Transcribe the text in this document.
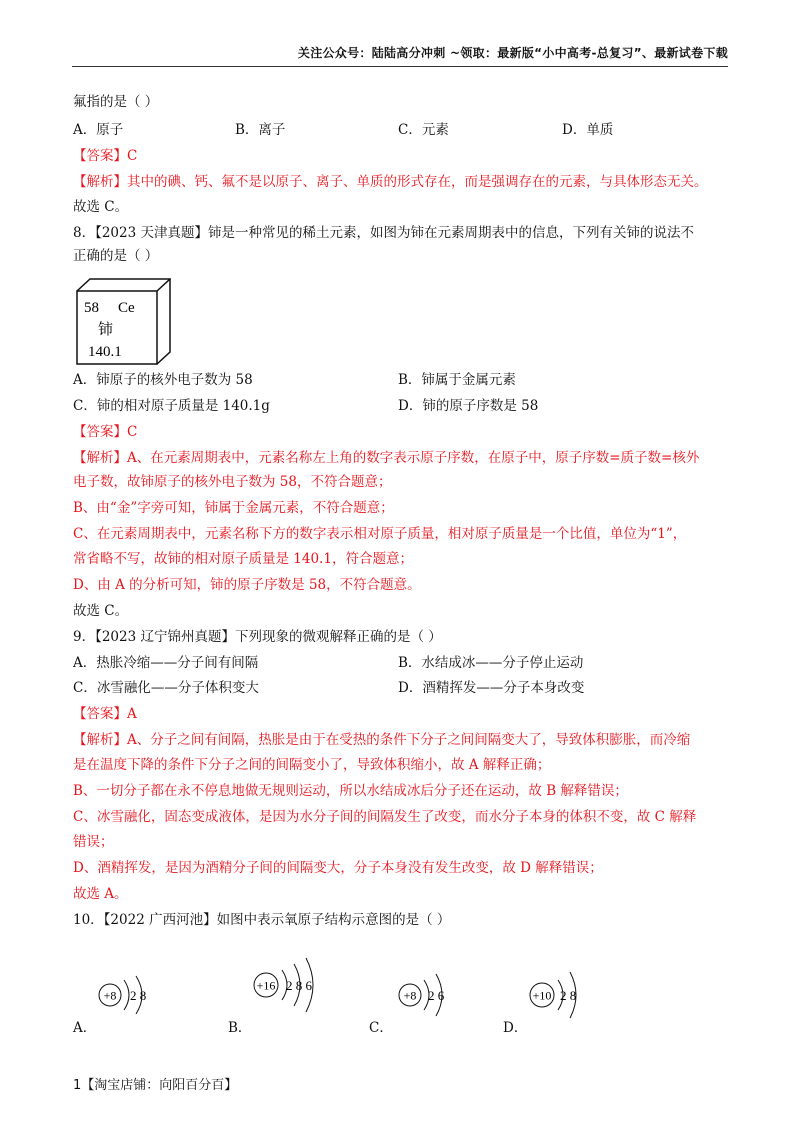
关注公众号：陆陆高分冲刺 ~领取：最新版“小中高考-总复习”、最新试卷下载
氟指的是（ ）
A．原子	B．离子	C．元素	D．单质
【答案】C
【解析】其中的碘、钙、氟不是以原子、离子、单质的形式存在，而是强调存在的元素，与具体形态无关。
故选 C。
8．【2023 天津真题】铈是一种常见的稀土元素，如图为铈在元素周期表中的信息，下列有关铈的说法不
正确的是（ ）
58 Ce
铈
140.1
A．铈原子的核外电子数为 58	B．铈属于金属元素
C．铈的相对原子质量是 140.1g	D．铈的原子序数是 58
【答案】C
【解析】A、在元素周期表中，元素名称左上角的数字表示原子序数，在原子中，原子序数=质子数=核外
电子数，故铈原子的核外电子数为 58，不符合题意；
B、由“金”字旁可知，铈属于金属元素，不符合题意；
C、在元素周期表中，元素名称下方的数字表示相对原子质量，相对原子质量是一个比值，单位为“1”，
常省略不写，故铈的相对原子质量是 140.1，符合题意；
D、由 A 的分析可知，铈的原子序数是 58，不符合题意。
故选 C。
9．【2023 辽宁锦州真题】下列现象的微观解释正确的是（ ）
A．热胀冷缩——分子间有间隔	B．水结成冰——分子停止运动
C．冰雪融化——分子体积变大	D．酒精挥发——分子本身改变
【答案】A
【解析】A、分子之间有间隔，热胀是由于在受热的条件下分子之间间隔变大了，导致体积膨胀，而冷缩
是在温度下降的条件下分子之间的间隔变小了，导致体积缩小，故 A 解释正确；
B、一切分子都在永不停息地做无规则运动，所以水结成冰后分子还在运动，故 B 解释错误；
C、冰雪融化，固态变成液体，是因为水分子间的间隔发生了改变，而水分子本身的体积不变，故 C 解释
错误；
D、酒精挥发，是因为酒精分子间的间隔变大，分子本身没有发生改变，故 D 解释错误；
故选 A。
10．【2022 广西河池】如图中表示氧原子结构示意图的是（ ）
+8 2 8
A．
+16 2 8 6
B．
+8 2 6
C．
+10 2 8
D．
1【淘宝店铺：向阳百分百】
